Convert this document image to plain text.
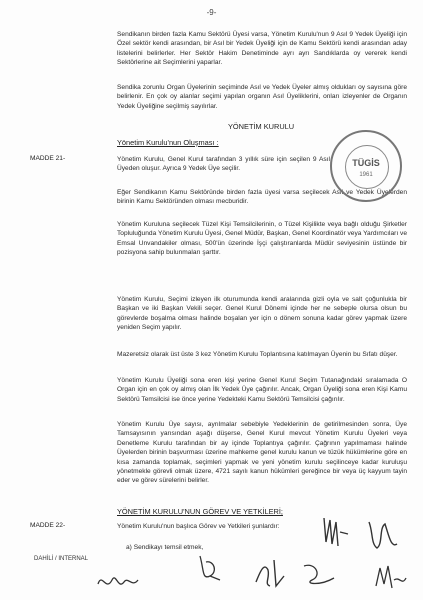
-9-
Sendikanın birden fazla Kamu Sektörü Üyesi varsa, Yönetim Kurulu'nun 9 Asıl 9 Yedek Üyeliği için Özel sektör kendi arasından, bir Asıl bir Yedek Üyeliği için de Kamu Sektörü kendi arasından aday listelerini belirlerler. Her Sektör Hakim Denetiminde ayrı ayrı Sandıklarda oy vererek kendi Sektörlerine ait Seçimlerini yaparlar.
Sendika zorunlu Organ Üyelerinin seçiminde Asıl ve Yedek Üyeler almış oldukları oy sayısına göre belirlenir. En çok oy alanlar seçimi yapılan organın Asıl Üyeliklerini, onları izleyenler de Organın Yedek Üyeliğine seçilmiş sayılırlar.
YÖNETİM KURULU
Yönetim Kurulu'nun Oluşması :
MADDE 21-	Yönetim Kurulu, Genel Kurul tarafından 3 yıllık süre için seçilen 9 Asıl Üyeden oluşur. Ayrıca 9 Yedek Üye seçilir.
Eğer Sendikanın Kamu Sektöründe birden fazla üyesi varsa seçilecek Asıl ve Yedek Üyelerden birinin Kamu Sektöründen olması mecburidir.
Yönetim Kuruluna seçilecek Tüzel Kişi Temsilcilerinin, o Tüzel Kişilikte veya bağlı olduğu Şirketler Topluluğunda Yönetim Kurulu Üyesi, Genel Müdür, Başkan, Genel Koordinatör veya Yardımcıları ve Emsal Unvandakiler olması, 500'ün üzerinde İşçi çalıştıranlarda Müdür seviyesinin üstünde bir pozisyona sahip bulunmaları şarttır.
Yönetim Kurulu, Seçimi izleyen ilk oturumunda kendi aralarında gizli oyla ve salt çoğunlukla bir Başkan ve iki Başkan Vekili seçer. Genel Kurul Dönemi içinde her ne sebeple olursa olsun bu görevlerde boşalma olması halinde boşalan yer için o dönem sonuna kadar görev yapmak üzere yeniden Seçim yapılır.
Mazeretsiz olarak üst üste 3 kez Yönetim Kurulu Toplantısına katılmayan Üyenin bu Sıfatı düşer.
Yönetim Kurulu Üyeliği sona eren kişi yerine Genel Kurul Seçim Tutanağındaki sıralamada O Organ için en çok oy almış olan İlk Yedek Üye çağırılır. Ancak, Organ Üyeliği sona eren Kişi Kamu Sektörü Temsilcisi ise önce yerine Yedekteki Kamu Sektörü Temsilcisi çağırılır.
Yönetim Kurulu Üye sayısı, ayrılmalar sebebiyle Yedeklerinin de getirilmesinden sonra, Üye Tamsayısının yarısından aşağı düşerse, Genel Kurul mevcut Yönetim Kurulu Üyeleri veya Denetleme Kurulu tarafından bir ay içinde Toplantıya çağırılır. Çağrının yapılmaması halinde Üyelerden birinin başvurması üzerine mahkeme genel kurulu kanun ve tüzük hükümlerine göre en kısa zamanda toplamak, seçimleri yapmak ve yeni yönetim kurulu seçilinceye kadar kuruluşu yönetmekle görevli olmak üzere, 4721 sayılı kanun hükümleri gereğince bir veya üç kayyum tayin eder ve görev sürelerini belirler.
YÖNETİM KURULU'NUN GÖREV VE YETKİLERİ;
MADDE 22-	Yönetim Kurulu'nun başlıca Görev ve Yetkileri şunlardır:
a) Sendikayı temsil etmek,
DAHİLİ / INTERNAL
TÜGİS
1961
